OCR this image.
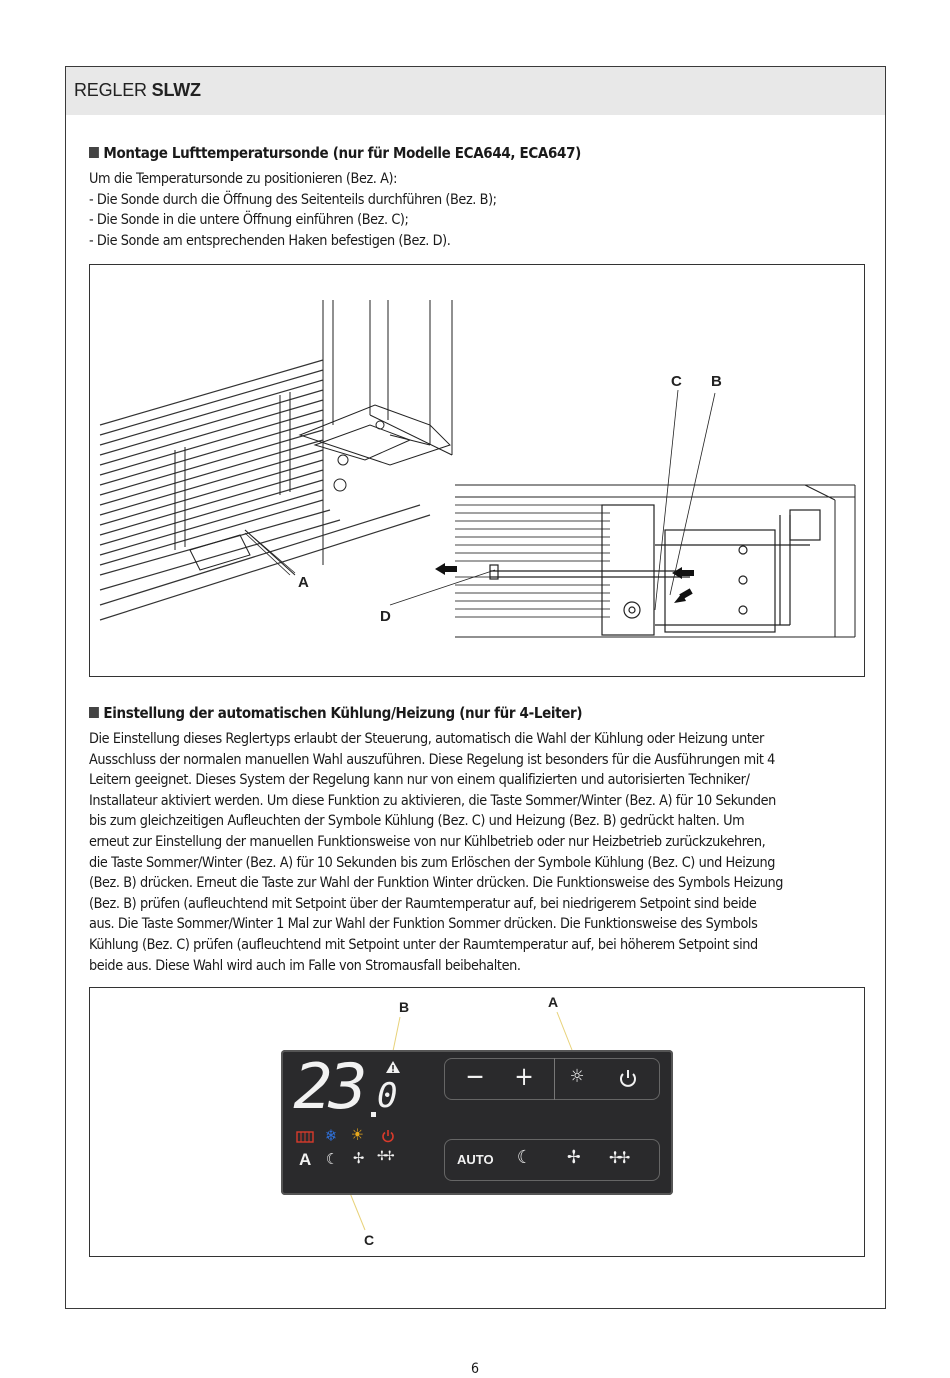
REGLER SLWZ
Montage Lufttemperatursonde (nur für Modelle ECA644, ECA647)
Um die Temperatursonde zu positionieren (Bez. A):
- Die Sonde durch die Öffnung des Seitenteils durchführen (Bez. B);
- Die Sonde in die untere Öffnung einführen (Bez. C);
- Die Sonde am entsprechenden Haken befestigen (Bez. D).
C B
A
D
Einstellung der automatischen Kühlung/Heizung (nur für 4-Leiter)
Die Einstellung dieses Reglertyps erlaubt der Steuerung, automatisch die Wahl der Kühlung oder Heizung unter
Ausschluss der normalen manuellen Wahl auszuführen. Diese Regelung ist besonders für die Ausführungen mit 4
Leitern geeignet. Dieses System der Regelung kann nur von einem qualifizierten und autorisierten Techniker/
Installateur aktiviert werden. Um diese Funktion zu aktivieren, die Taste Sommer/Winter (Bez. A) für 10 Sekunden
bis zum gleichzeitigen Aufleuchten der Symbole Kühlung (Bez. C) und Heizung (Bez. B) gedrückt halten. Um
erneut zur Einstellung der manuellen Funktionsweise von nur Kühlbetrieb oder nur Heizbetrieb zurückzukehren,
die Taste Sommer/Winter (Bez. A) für 10 Sekunden bis zum Erlöschen der Symbole Kühlung (Bez. C) und Heizung
(Bez. B) drücken. Erneut die Taste zur Wahl der Funktion Winter drücken. Die Funktionsweise des Symbols Heizung
(Bez. B) prüfen (aufleuchtend mit Setpoint über der Raumtemperatur auf, bei niedrigerem Setpoint sind beide
aus. Die Taste Sommer/Winter 1 Mal zur Wahl der Funktion Sommer drücken. Die Funktionsweise des Symbols
Kühlung (Bez. C) prüfen (aufleuchtend mit Setpoint unter der Raumtemperatur auf, bei höherem Setpoint sind
beide aus. Diese Wahl wird auch im Falle von Stromausfall beibehalten.
B	A
C
23 0
❄ ☀
A ☾ ✢ ✢✢
− +	☼
AUTO ☾ ✢ ✢✢
6
